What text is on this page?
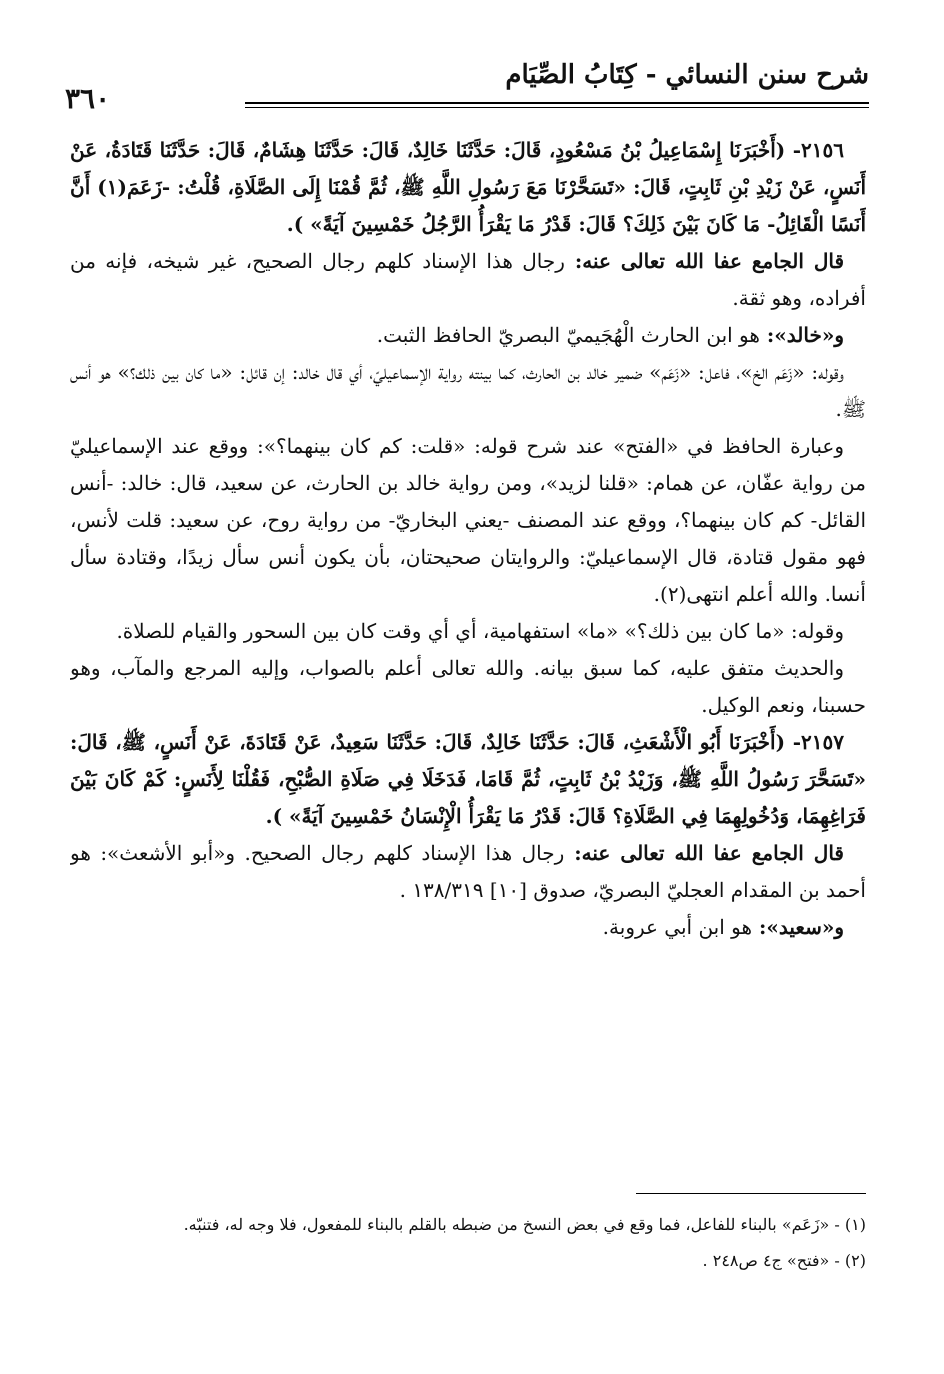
شرح سنن النسائي - كِتَابُ الصِّيَام
٣٦٠

٢١٥٦- (أَخْبَرَنَا إِسْمَاعِيلُ بْنُ مَسْعُودٍ، قَالَ: حَدَّثَنَا خَالِدٌ، قَالَ: حَدَّثَنَا هِشَامٌ، قَالَ: حَدَّثَنَا قَتَادَةُ، عَنْ أَنَسٍ، عَنْ زَيْدِ بْنِ ثَابِتٍ، قَالَ: «تَسَحَّرْنَا مَعَ رَسُولِ اللَّهِ ﷺ، ثُمَّ قُمْنَا إِلَى الصَّلَاةِ، قُلْتُ: -زَعَمَ(١) أَنَّ أَنَسًا الْقَائِلُ- مَا كَانَ بَيْنَ ذَلِكَ؟ قَالَ: قَدْرُ مَا يَقْرَأُ الرَّجُلُ خَمْسِينَ آيَةً» ).

قال الجامع عفا الله تعالى عنه: رجال هذا الإسناد كلهم رجال الصحيح، غير شيخه، فإنه من أفراده، وهو ثقة.

و«خالد»: هو ابن الحارث الْهُجَيميّ البصريّ الحافظ الثبت.

وقوله: «زَعَم الخ»، فاعل: «زَعَم» ضمير خالد بن الحارث، كما بينته رواية الإسماعيليّ، أي قال خالد: إن قائل: «ما كان بين ذلك؟» هو أنس ﷺ.

وعبارة الحافظ في «الفتح» عند شرح قوله: «قلت: كم كان بينهما؟»: ووقع عند الإسماعيليّ من رواية عفّان، عن همام: «قلنا لزيد»، ومن رواية خالد بن الحارث، عن سعيد، قال: خالد: -أنس القائل- كم كان بينهما؟، ووقع عند المصنف -يعني البخاريّ- من رواية روح، عن سعيد: قلت لأنس، فهو مقول قتادة، قال الإسماعيليّ: والروايتان صحيحتان، بأن يكون أنس سأل زيدًا، وقتادة سأل أنسا. والله أعلم انتهى(٢).

وقوله: «ما كان بين ذلك؟» «ما» استفهامية، أي أي وقت كان بين السحور والقيام للصلاة.

والحديث متفق عليه، كما سبق بيانه. والله تعالى أعلم بالصواب، وإليه المرجع والمآب، وهو حسبنا، ونعم الوكيل.

٢١٥٧- (أَخْبَرَنَا أَبُو الْأَشْعَثِ، قَالَ: حَدَّثَنَا خَالِدٌ، قَالَ: حَدَّثَنَا سَعِيدٌ، عَنْ قَتَادَةَ، عَنْ أَنَسٍ، ﷺ، قَالَ: «تَسَحَّرَ رَسُولُ اللَّهِ ﷺ، وَزَيْدُ بْنُ ثَابِتٍ، ثُمَّ قَامَا، فَدَخَلَا فِي صَلَاةِ الصُّبْحِ، فَقُلْنَا لِأَنَسٍ: كَمْ كَانَ بَيْنَ فَرَاغِهِمَا، وَدُخُولِهِمَا فِي الصَّلَاةِ؟ قَالَ: قَدْرُ مَا يَقْرَأُ الْإِنْسَانُ خَمْسِينَ آيَةً» ).

قال الجامع عفا الله تعالى عنه: رجال هذا الإسناد كلهم رجال الصحيح. و«أبو الأشعث»: هو أحمد بن المقدام العجليّ البصريّ، صدوق [١٠] ١٣٨/٣١٩ .

و«سعيد»: هو ابن أبي عروبة.

(١) - «زَعَم» بالبناء للفاعل، فما وقع في بعض النسخ من ضبطه بالقلم بالبناء للمفعول، فلا وجه له، فتنبّه.

(٢) - «فتح» ج٤ ص٢٤٨ .
